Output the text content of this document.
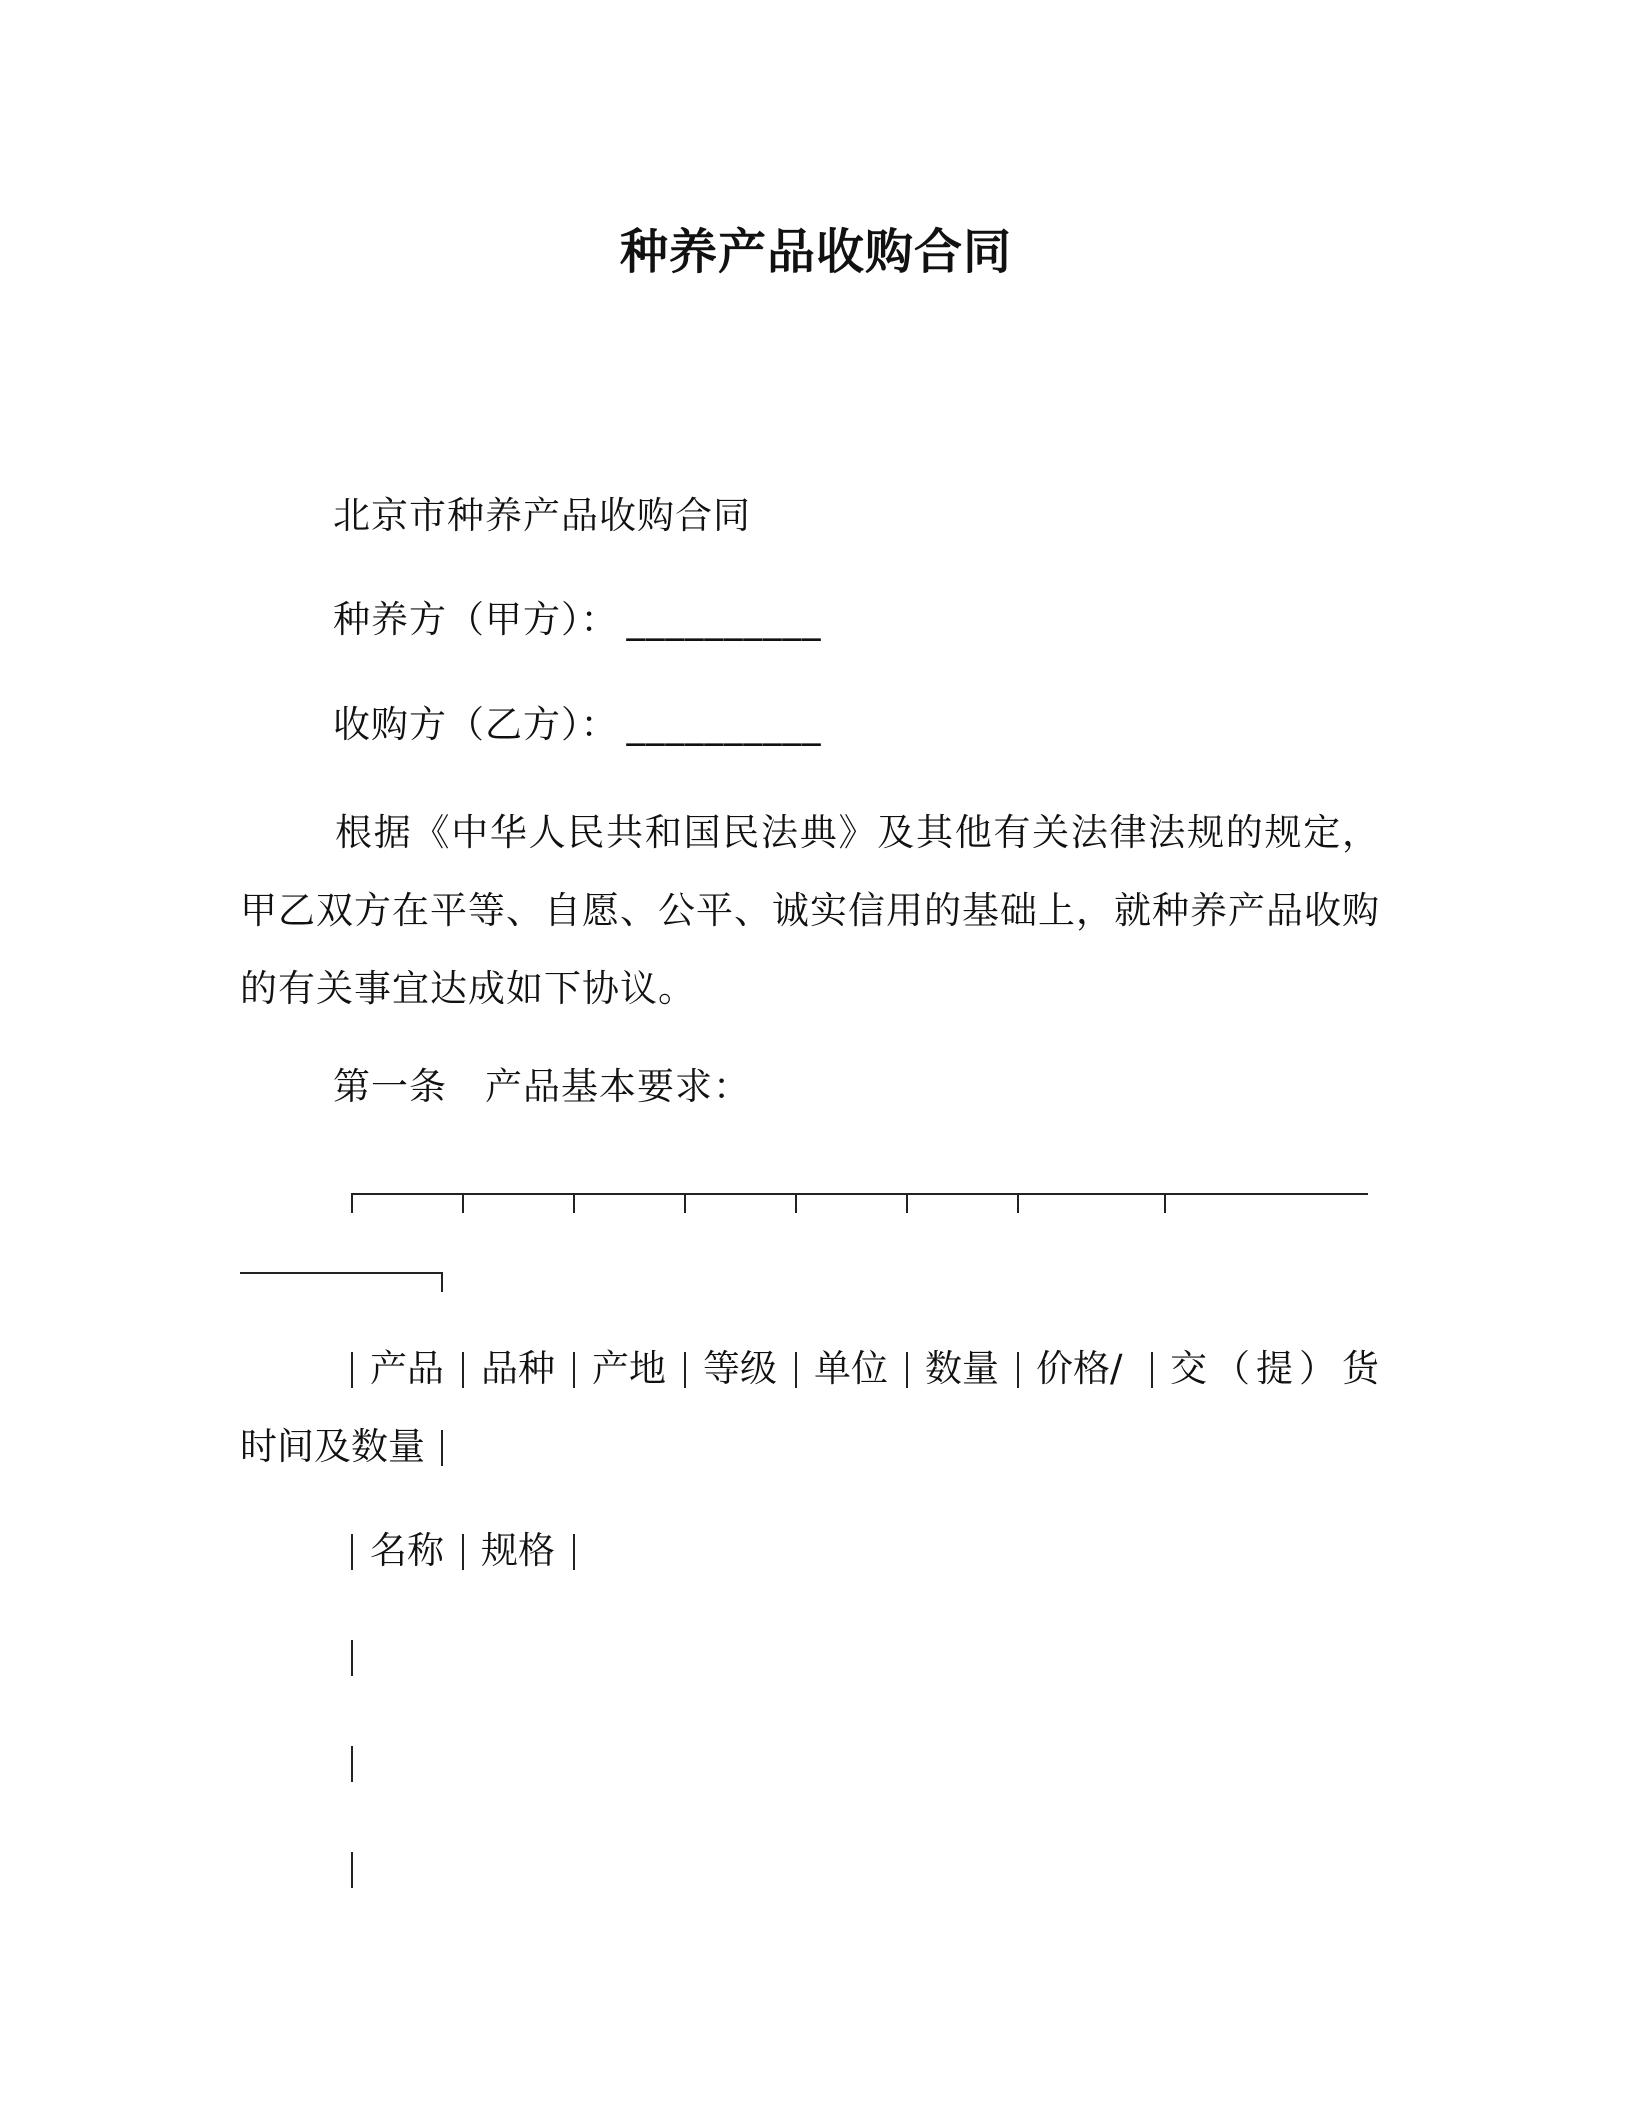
种养产品收购合同
北京市种养产品收购合同
种养方（甲方）： __________
收购方（乙方）： __________
根据《中华人民共和国民法典》及其他有关法律法规的规定，甲乙双方在平等、自愿、公平、诚实信用的基础上，就种养产品收购的有关事宜达成如下协议。
第一条　产品基本要求：
产品 品种 产地 等级 单位 数量 价格/ 交（提）货
时间及数量
名称 规格
